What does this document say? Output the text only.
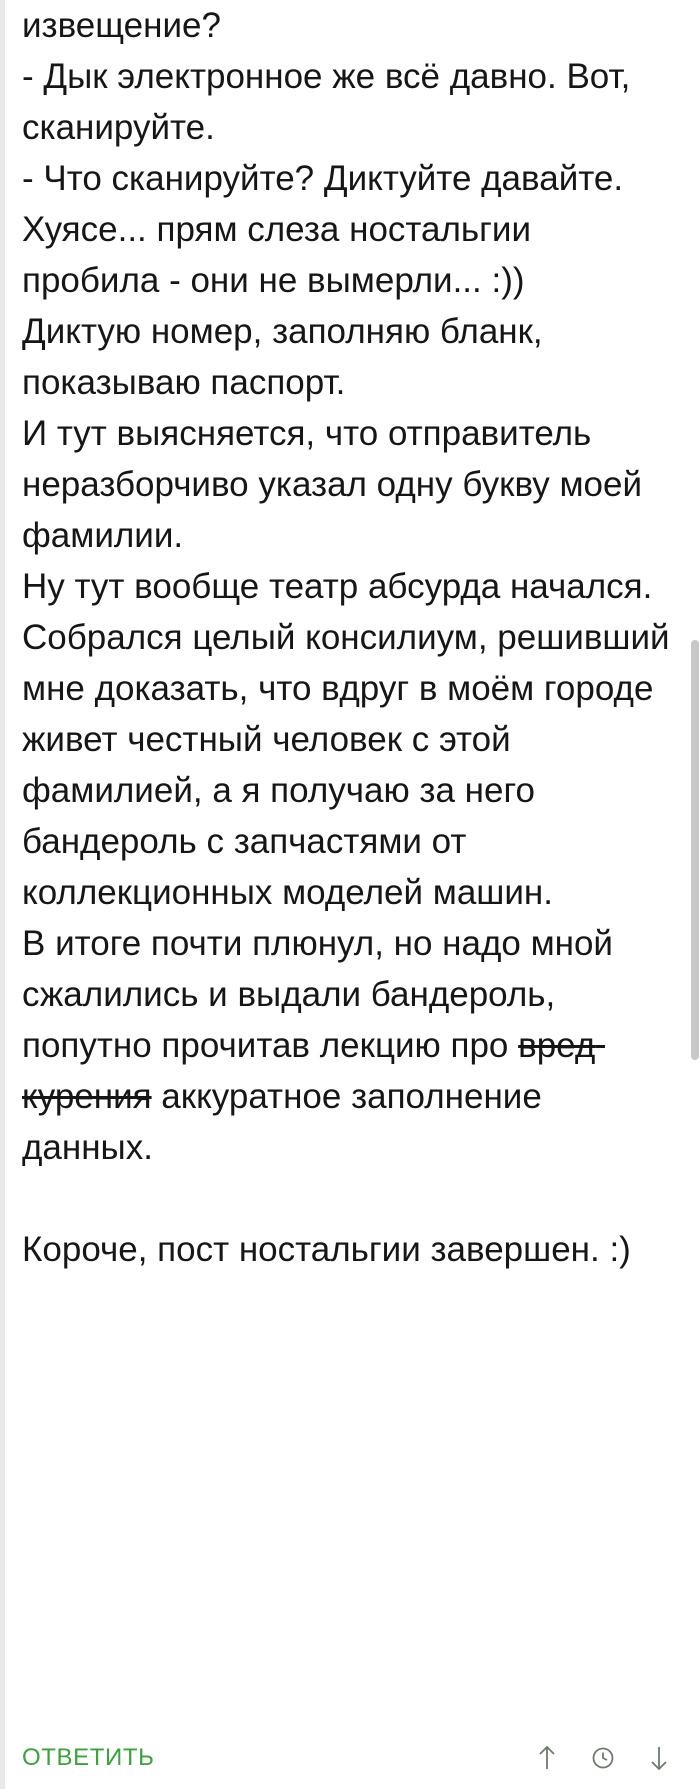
извещение?
- Дык электронное же всё давно. Вот, сканируйте.
- Что сканируйте? Диктуйте давайте.
Хуясе... прям слеза ностальгии пробила - они не вымерли... :))
Диктую номер, заполняю бланк, показываю паспорт.
И тут выясняется, что отправитель неразборчиво указал одну букву моей фамилии.
Ну тут вообще театр абсурда начался. Собрался целый консилиум, решивший мне доказать, что вдруг в моём городе живет честный человек с этой фамилией, а я получаю за него бандероль с запчастями от коллекционных моделей машин.
В итоге почти плюнул, но надо мной сжалились и выдали бандероль, попутно прочитав лекцию про вред курения аккуратное заполнение данных.
Короче, пост ностальгии завершен. :)
ОТВЕТИТЬ
